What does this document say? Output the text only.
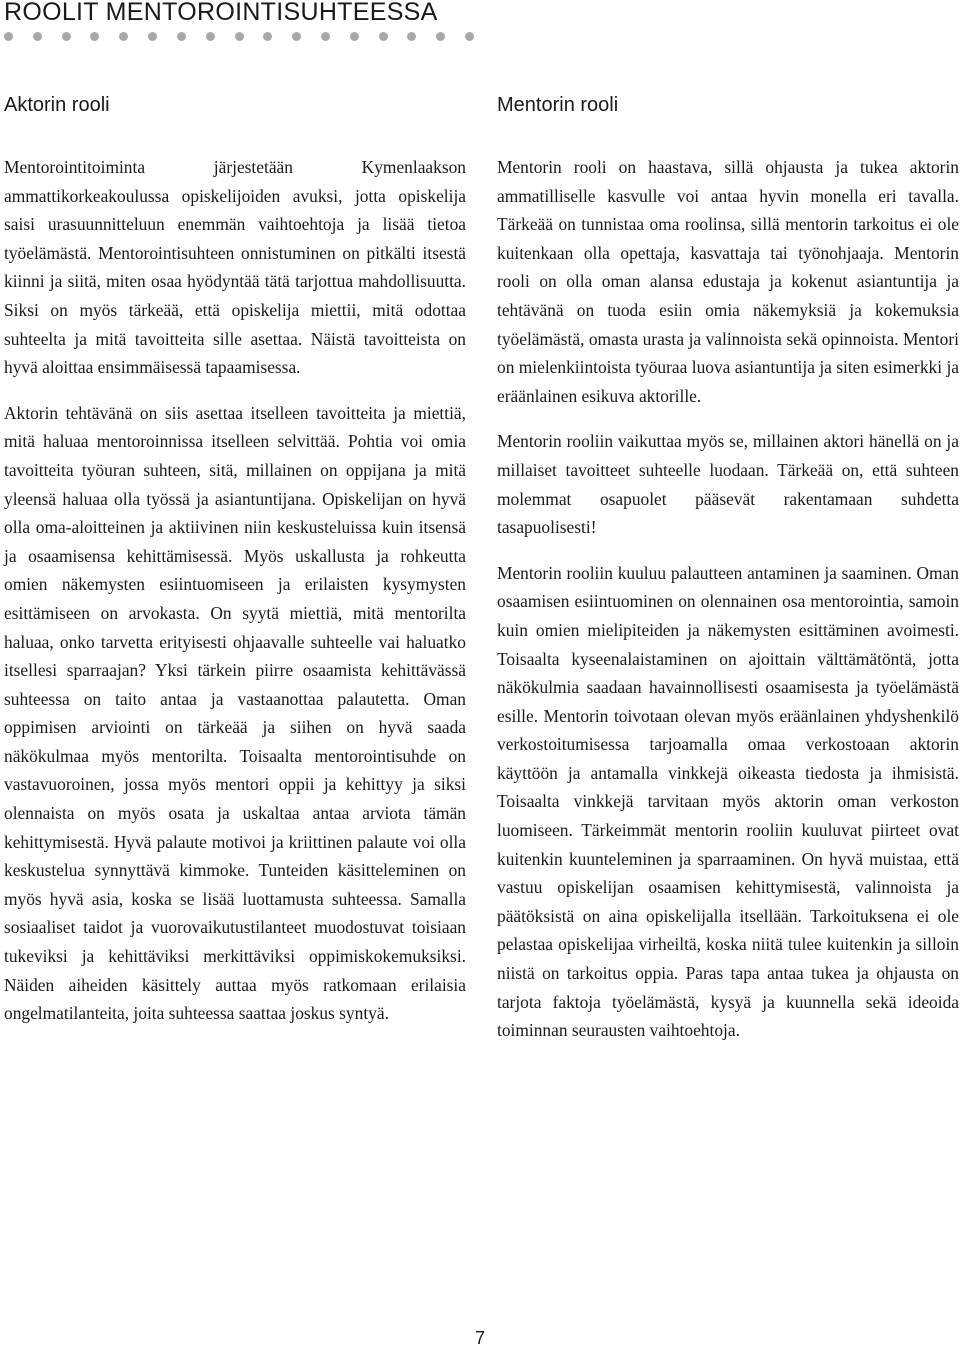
ROOLIT MENTOROINTISUHTEESSA
Aktorin rooli

Mentorointitoiminta järjestetään Kymenlaakson ammattikorkeakoulussa opiskelijoiden avuksi, jotta opiskelija saisi urasuunnitteluun enemmän vaihtoehtoja ja lisää tietoa työelämästä. Mentorointisuhteen onnistuminen on pitkälti itsestä kiinni ja siitä, miten osaa hyödyntää tätä tarjottua mahdollisuutta. Siksi on myös tärkeää, että opiskelija miettii, mitä odottaa suhteelta ja mitä tavoitteita sille asettaa. Näistä tavoitteista on hyvä aloittaa ensimmäisessä tapaamisessa.

Aktorin tehtävänä on siis asettaa itselleen tavoitteita ja miettiä, mitä haluaa mentoroinnissa itselleen selvittää. Pohtia voi omia tavoitteita työuran suhteen, sitä, millainen on oppijana ja mitä yleensä haluaa olla työssä ja asiantuntijana. Opiskelijan on hyvä olla oma-aloitteinen ja aktiivinen niin keskusteluissa kuin itsensä ja osaamisensa kehittämisessä. Myös uskallusta ja rohkeutta omien näkemysten esiintuomiseen ja erilaisten kysymysten esittämiseen on arvokasta. On syytä miettiä, mitä mentorilta haluaa, onko tarvetta erityisesti ohjaavalle suhteelle vai haluatko itsellesi sparraajan? Yksi tärkein piirre osaamista kehittävässä suhteessa on taito antaa ja vastaanottaa palautetta. Oman oppimisen arviointi on tärkeää ja siihen on hyvä saada näkökulmaa myös mentorilta. Toisaalta mentorointisuhde on vastavuoroinen, jossa myös mentori oppii ja kehittyy ja siksi olennaista on myös osata ja uskaltaa antaa arviota tämän kehittymisestä. Hyvä palaute motivoi ja kriittinen palaute voi olla keskustelua synnyttävä kimmoke. Tunteiden käsitteleminen on myös hyvä asia, koska se lisää luottamusta suhteessa. Samalla sosiaaliset taidot ja vuorovaikutustilanteet muodostuvat toisiaan tukeviksi ja kehittäviksi merkittäviksi oppimiskokemuksiksi. Näiden aiheiden käsittely auttaa myös ratkomaan erilaisia ongelmatilanteita, joita suhteessa saattaa joskus syntyä.

Mentorin rooli

Mentorin rooli on haastava, sillä ohjausta ja tukea aktorin ammatilliselle kasvulle voi antaa hyvin monella eri tavalla. Tärkeää on tunnistaa oma roolinsa, sillä mentorin tarkoitus ei ole kuitenkaan olla opettaja, kasvattaja tai työnohjaaja. Mentorin rooli on olla oman alansa edustaja ja kokenut asiantuntija ja tehtävänä on tuoda esiin omia näkemyksiä ja kokemuksia työelämästä, omasta urasta ja valinnoista sekä opinnoista. Mentori on mielenkiintoista työuraa luova asiantuntija ja siten esimerkki ja eräänlainen esikuva aktorille.

Mentorin rooliin vaikuttaa myös se, millainen aktori hänellä on ja millaiset tavoitteet suhteelle luodaan. Tärkeää on, että suhteen molemmat osapuolet pääsevät rakentamaan suhdetta tasapuolisesti!

Mentorin rooliin kuuluu palautteen antaminen ja saaminen. Oman osaamisen esiintuominen on olennainen osa mentorointia, samoin kuin omien mielipiteiden ja näkemysten esittäminen avoimesti. Toisaalta kyseenalaistaminen on ajoittain välttämätöntä, jotta näkökulmia saadaan havainnollisesti osaamisesta ja työelämästä esille. Mentorin toivotaan olevan myös eräänlainen yhdyshenkilö verkostoitumisessa tarjoamalla omaa verkostoaan aktorin käyttöön ja antamalla vinkkejä oikeasta tiedosta ja ihmisistä. Toisaalta vinkkejä tarvitaan myös aktorin oman verkoston luomiseen. Tärkeimmät mentorin rooliin kuuluvat piirteet ovat kuitenkin kuunteleminen ja sparraaminen. On hyvä muistaa, että vastuu opiskelijan osaamisen kehittymisestä, valinnoista ja päätöksistä on aina opiskelijalla itsellään. Tarkoituksena ei ole pelastaa opiskelijaa virheiltä, koska niitä tulee kuitenkin ja silloin niistä on tarkoitus oppia. Paras tapa antaa tukea ja ohjausta on tarjota faktoja työelämästä, kysyä ja kuunnella sekä ideoida toiminnan seurausten vaihtoehtoja.

7
